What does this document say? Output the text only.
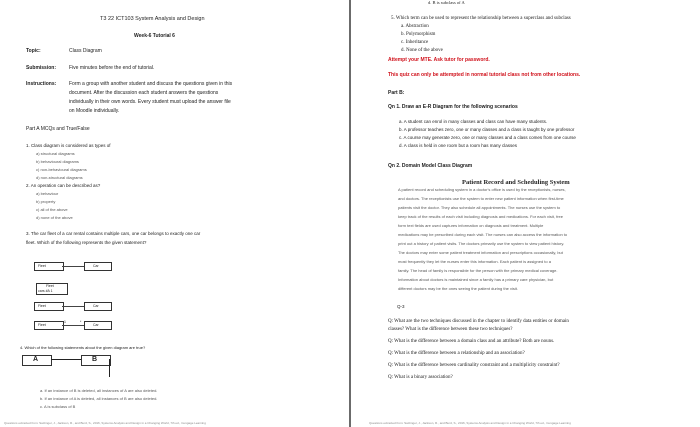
T3 22 ICT103 System Analysis and Design
Week-6 Tutorial 6
Topic:	Class Diagram
Submission:	Five minutes before the end of tutorial.
Instructions:	Form a group with another student and discuss the questions given in this
document. After the discussion each student answers the questions
individually in their own words. Every student must upload the answer file
on Moodle individually.
Part A MCQs and True/False
1. Class diagram is considered as types of
a) structural diagrams
b) behavioural diagrams
c) non-behavioural diagrams
d) non-structural diagrams
2. An operation can be described as?
a) behaviour
b) property
c) all of the above
d) none of the above
3. The car fleet of a car rental contains multiple cars, one car belongs to exactly one car
fleet. Which of the following represents the given statement?
Fleet	Car
Fleet
cars #A 1
Fleet	Car
Fleet
1	*
Car
4. Which of the following statements about the given diagram are true?
A	B
a. If an instance of B is deleted, all instances of A are also deleted.
b. If an instance of A is deleted, all instances of B are also deleted.
c. A is subclass of B
Questions extracted from: Satzinger, J., Jackson, R., and Burd, S., 2016, Systems Analysis and Design in a Changing World, 7th ed., Cengage Learning
d. B is subclass of A
5. Which term can be used to represent the relationship between a superclass and subclass
a. Abstraction
b. Polymorphism
c. Inheritance
d. None of the above
Attempt your MTE. Ask tutor for password.
This quiz can only be attempted in normal tutorial class not from other locations.
Part B:
Qn 1. Draw an E-R Diagram for the following scenarios
a. A student can enrol in many classes and class can have many students.
b. A professor teaches zero, one or many classes and a class is taught by one professor
c. A course may generate zero, one or many classes and a class comes from one course
d. A class is held in one room but a room has many classes
Qn 2. Domain Model Class Diagram
Patient Record and Scheduling System
A patient record and scheduling system in a doctor's office is used by the receptionists, nurses,
and doctors. The receptionists use the system to enter new patient information when first-time
patients visit the doctor. They also schedule all appointments. The nurses use the system to
keep track of the results of each visit including diagnosis and medications. For each visit, free
form text fields are used captures information on diagnosis and treatment. Multiple
medications may be prescribed during each visit. The nurses can also access the information to
print out a history of patient visits. The doctors primarily use the system to view patient history.
The doctors may enter some patient treatment information and prescriptions occasionally, but
most frequently they let the nurses enter this information. Each patient is assigned to a
family. The head of family is responsible for the person with the primary medical coverage.
Information about doctors is maintained since a family has a primary care physician, but
different doctors may be the ones seeing the patient during the visit.
Q-3
Q: What are the two techniques discussed in the chapter to identify data entities or domain
classes? What is the difference between these two techniques?
Q: What is the difference between a domain class and an attribute? Both are nouns.
Q: What is the difference between a relationship and an association?
Q: What is the difference between cardinality constraint and a multiplicity constraint?
Q: What is a binary association?
Questions extracted from: Satzinger, J., Jackson, R., and Burd, S., 2016, Systems Analysis and Design in a Changing World, 7th ed., Cengage Learning
